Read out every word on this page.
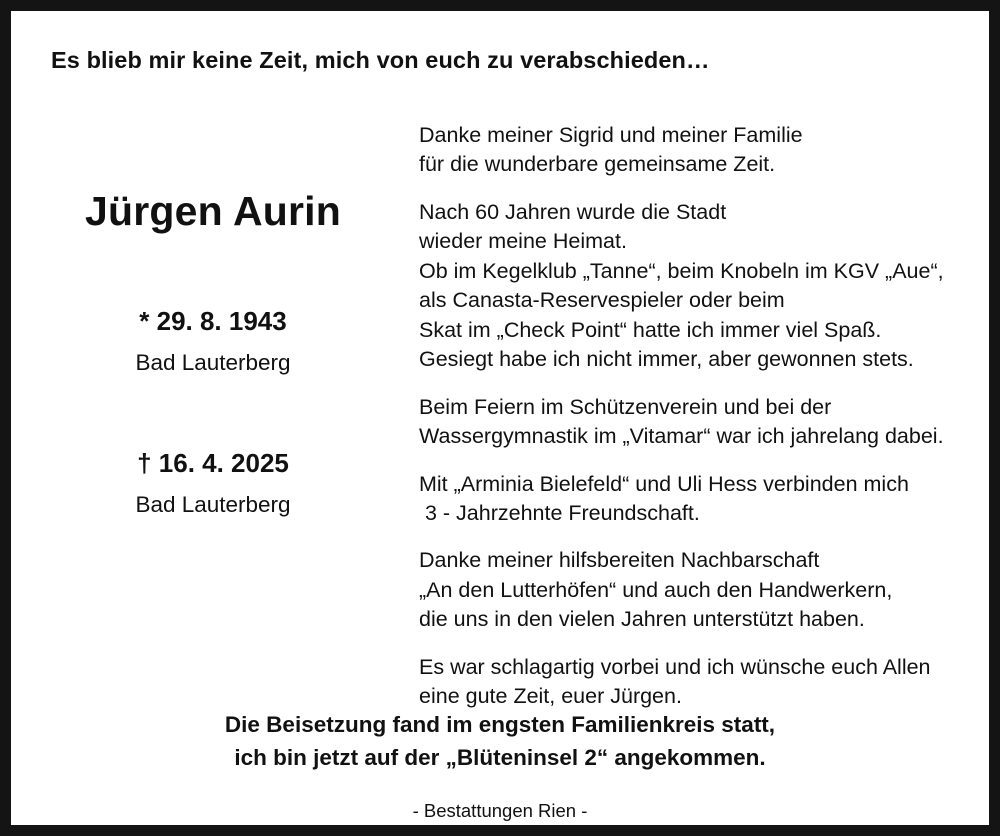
Es blieb mir keine Zeit, mich von euch zu verabschieden…
Jürgen Aurin
* 29. 8. 1943
Bad Lauterberg
† 16. 4. 2025
Bad Lauterberg

Danke meiner Sigrid und meiner Familie
für die wunderbare gemeinsame Zeit.

Nach 60 Jahren wurde die Stadt
wieder meine Heimat.
Ob im Kegelklub „Tanne“, beim Knobeln im KGV „Aue“,
als Canasta-Reservespieler oder beim
Skat im „Check Point“ hatte ich immer viel Spaß.
Gesiegt habe ich nicht immer, aber gewonnen stets.

Beim Feiern im Schützenverein und bei der
Wassergymnastik im „Vitamar“ war ich jahrelang dabei.

Mit „Arminia Bielefeld“ und Uli Hess verbinden mich
3 - Jahrzehnte Freundschaft.

Danke meiner hilfsbereiten Nachbarschaft
„An den Lutterhöfen“ und auch den Handwerkern,
die uns in den vielen Jahren unterstützt haben.

Es war schlagartig vorbei und ich wünsche euch Allen
eine gute Zeit, euer Jürgen.

Die Beisetzung fand im engsten Familienkreis statt,
ich bin jetzt auf der „Blüteninsel 2“ angekommen.
- Bestattungen Rien -
